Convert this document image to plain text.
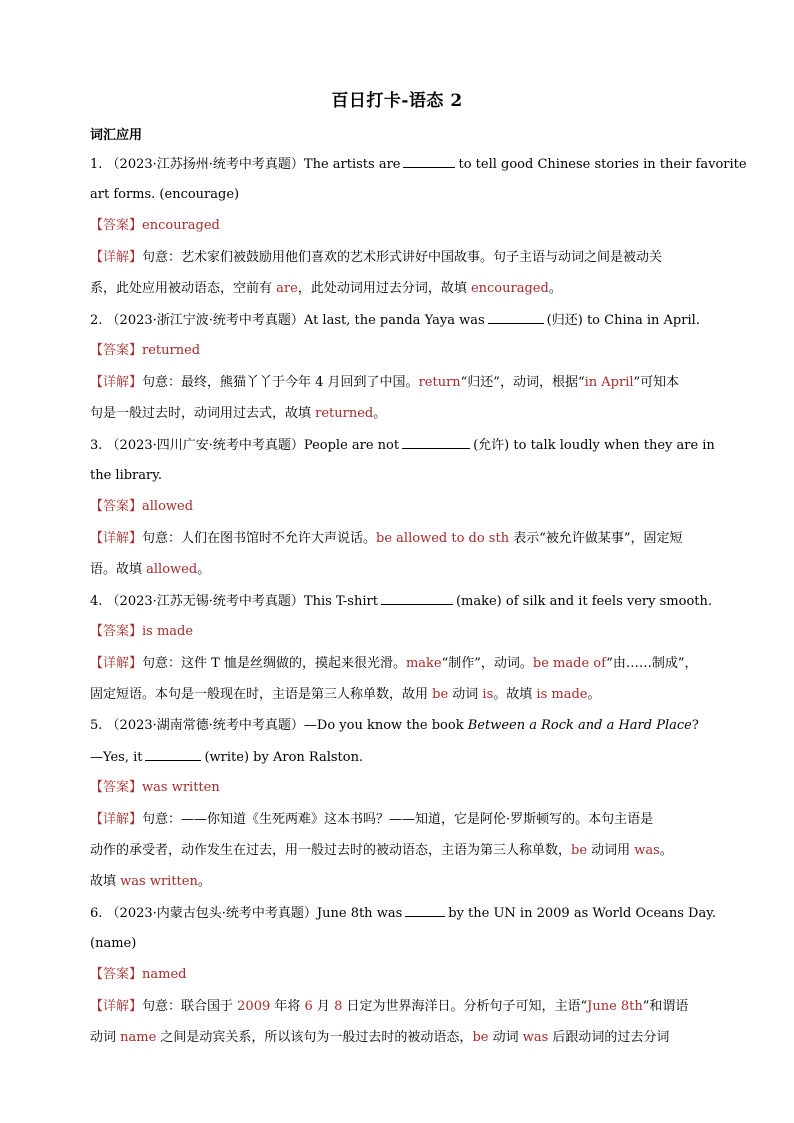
百日打卡-语态 2
词汇应用
1. （2023·江苏扬州·统考中考真题）The artists are	to tell good Chinese stories in their favorite
art forms. (encourage)
【答案】encouraged
【详解】句意：艺术家们被鼓励用他们喜欢的艺术形式讲好中国故事。句子主语与动词之间是被动关
系，此处应用被动语态，空前有 are，此处动词用过去分词，故填 encouraged。
2. （2023·浙江宁波·统考中考真题）At last, the panda Yaya was	(归还) to China in April.
【答案】returned
【详解】句意：最终，熊猫丫丫于今年 4 月回到了中国。return“归还”，动词，根据“in April”可知本
句是一般过去时，动词用过去式，故填 returned。
3. （2023·四川广安·统考中考真题）People are not	(允许) to talk loudly when they are in
the library.
【答案】allowed
【详解】句意：人们在图书馆时不允许大声说话。be allowed to do sth 表示“被允许做某事”，固定短
语。故填 allowed。
4. （2023·江苏无锡·统考中考真题）This T-shirt	(make) of silk and it feels very smooth.
【答案】is made
【详解】句意：这件 T 恤是丝绸做的，摸起来很光滑。make“制作”，动词。be made of“由……制成”，
固定短语。本句是一般现在时，主语是第三人称单数，故用 be 动词 is。故填 is made。
5. （2023·湖南常德·统考中考真题）—Do you know the book Between a Rock and a Hard Place?
—Yes, it	(write) by Aron Ralston.
【答案】was written
【详解】句意：——你知道《生死两难》这本书吗？——知道，它是阿伦·罗斯顿写的。本句主语是
动作的承受者，动作发生在过去，用一般过去时的被动语态，主语为第三人称单数，be 动词用 was。
故填 was written。
6. （2023·内蒙古包头·统考中考真题）June 8th was	by the UN in 2009 as World Oceans Day.
(name)
【答案】named
【详解】句意：联合国于 2009 年将 6 月 8 日定为世界海洋日。分析句子可知，主语“June 8th”和谓语
动词 name 之间是动宾关系，所以该句为一般过去时的被动语态，be 动词 was 后跟动词的过去分词
